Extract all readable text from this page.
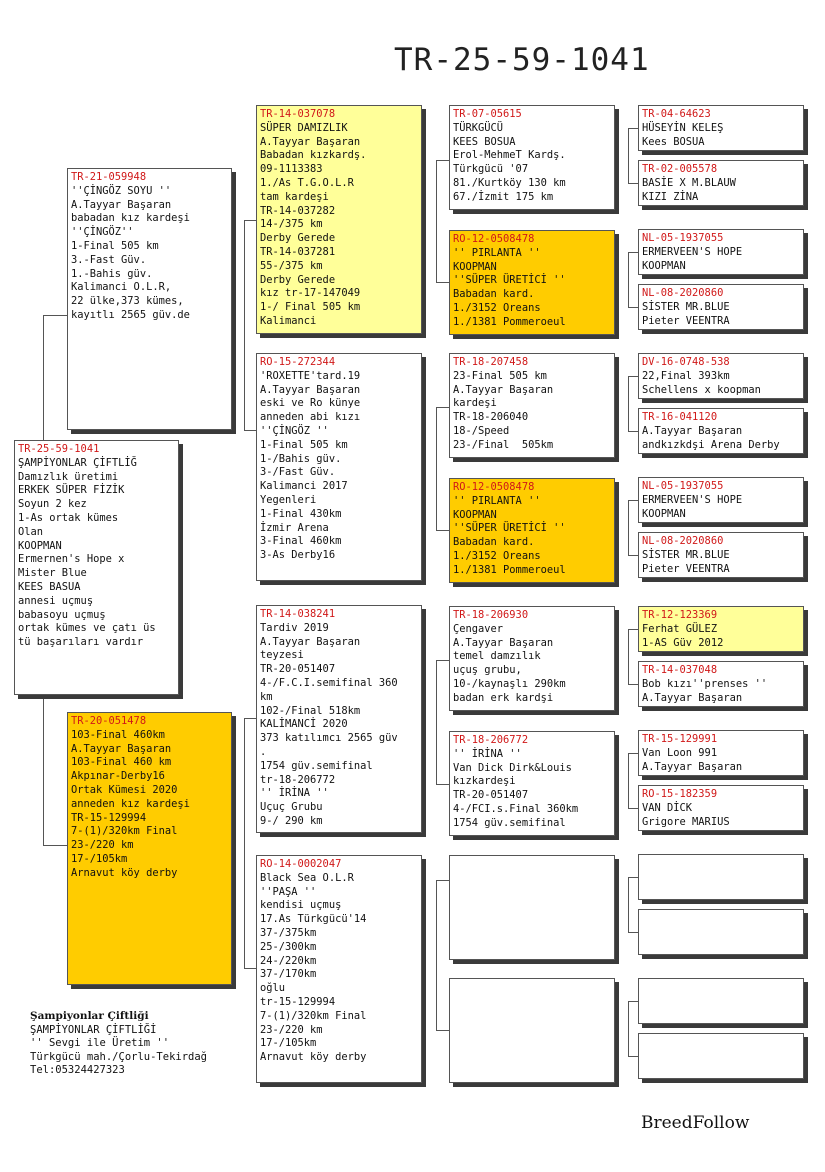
TR-25-59-1041
TR-25-59-1041
ŞAMPİYONLAR ÇİFTLİĞ
Damızlık üretimi
ERKEK SÜPER FİZİK
Soyun 2 kez
1-As ortak kümes
Olan
KOOPMAN
Ermernen's Hope x
Mister Blue
KEES BASUA
annesi uçmuş
babasoyu uçmuş
ortak kümes ve çatı üs
tü başarıları vardır
TR-21-059948
''ÇİNGÖZ SOYU ''
A.Tayyar Başaran
babadan kız kardeşi
''ÇİNGÖZ''
1-Final 505 km
3.-Fast Güv.
1.-Bahis güv.
Kalimanci O.L.R,
22 ülke,373 kümes,
kayıtlı 2565 güv.de
TR-20-051478
103-Final 460km
A.Tayyar Başaran
103-Final 460 km
Akpınar-Derby16
Ortak Kümesi 2020
anneden kız kardeşi
TR-15-129994
7-(1)/320km Final
23-/220 km
17-/105km
Arnavut köy derby
TR-14-037078
SÜPER DAMIZLIK
A.Tayyar Başaran
Babadan kızkardş.
09-1113383
1./As T.G.O.L.R
tam kardeşi
TR-14-037282
14-/375 km
Derby Gerede
TR-14-037281
55-/375 km
Derby Gerede
kız tr-17-147049
1-/ Final 505 km
Kalimanci
RO-15-272344
'ROXETTE'tard.19
A.Tayyar Başaran
eski ve Ro künye
anneden abi kızı
''ÇİNGÖZ ''
1-Final 505 km
1-/Bahis güv.
3-/Fast Güv.
Kalimanci 2017
Yegenleri
1-Final 430km
İzmir Arena
3-Final 460km
3-As Derby16
TR-14-038241
Tardiv 2019
A.Tayyar Başaran
teyzesi
TR-20-051407
4-/F.C.I.semifinal 360
km
102-/Final 518km
KALİMANCİ 2020
373 katılımcı 2565 güv
.
1754 güv.semifinal
tr-18-206772
'' İRİNA ''
Uçuç Grubu
9-/ 290 km
RO-14-0002047
Black Sea O.L.R
''PAŞA ''
kendisi uçmuş
17.As Türkgücü'14
37-/375km
25-/300km
24-/220km
37-/170km
oğlu
tr-15-129994
7-(1)/320km Final
23-/220 km
17-/105km
Arnavut köy derby
TR-07-05615
TÜRKGÜCÜ
KEES BOSUA
Erol-MehmeT Kardş.
Türkgücü '07
81./Kurtköy 130 km
67./İzmit 175 km
RO-12-0508478
'' PIRLANTA ''
KOOPMAN
''SÜPER ÜRETİCİ ''
Babadan kard.
1./3152 Oreans
1./1381 Pommeroeul
TR-18-207458
23-Final 505 km
A.Tayyar Başaran
kardeşi
TR-18-206040
18-/Speed
23-/Final  505km
RO-12-0508478
'' PIRLANTA ''
KOOPMAN
''SÜPER ÜRETİCİ ''
Babadan kard.
1./3152 Oreans
1./1381 Pommeroeul
TR-18-206930
Çengaver
A.Tayyar Başaran
temel damzılık
uçuş grubu,
10-/kaynaşlı 290km
badan erk kardşi
TR-18-206772
'' İRİNA ''
Van Dick Dirk&Louis
kızkardeşi
TR-20-051407
4-/FCI.s.Final 360km
1754 güv.semifinal
TR-04-64623
HÜSEYİN KELEŞ
Kees BOSUA
TR-02-005578
BASİE X M.BLAUW
KIZI ZİNA
NL-05-1937055
ERMERVEEN'S HOPE
KOOPMAN
NL-08-2020860
SİSTER MR.BLUE
Pieter VEENTRA
DV-16-0748-538
22,Final 393km
Schellens x koopman
TR-16-041120
A.Tayyar Başaran
andkızkdşi Arena Derby
NL-05-1937055
ERMERVEEN'S HOPE
KOOPMAN
NL-08-2020860
SİSTER MR.BLUE
Pieter VEENTRA
TR-12-123369
Ferhat GÜLEZ
1-AS Güv 2012
TR-14-037048
Bob kızı''prenses ''
A.Tayyar Başaran
TR-15-129991
Van Loon 991
A.Tayyar Başaran
RO-15-182359
VAN DİCK
Grigore MARIUS
Şampiyonlar Çiftliği
ŞAMPİYONLAR ÇİFTLİĞİ
'' Sevgi ile Üretim ''
Türkgücü mah./Çorlu-Tekirdağ
Tel:05324427323
BreedFollow
